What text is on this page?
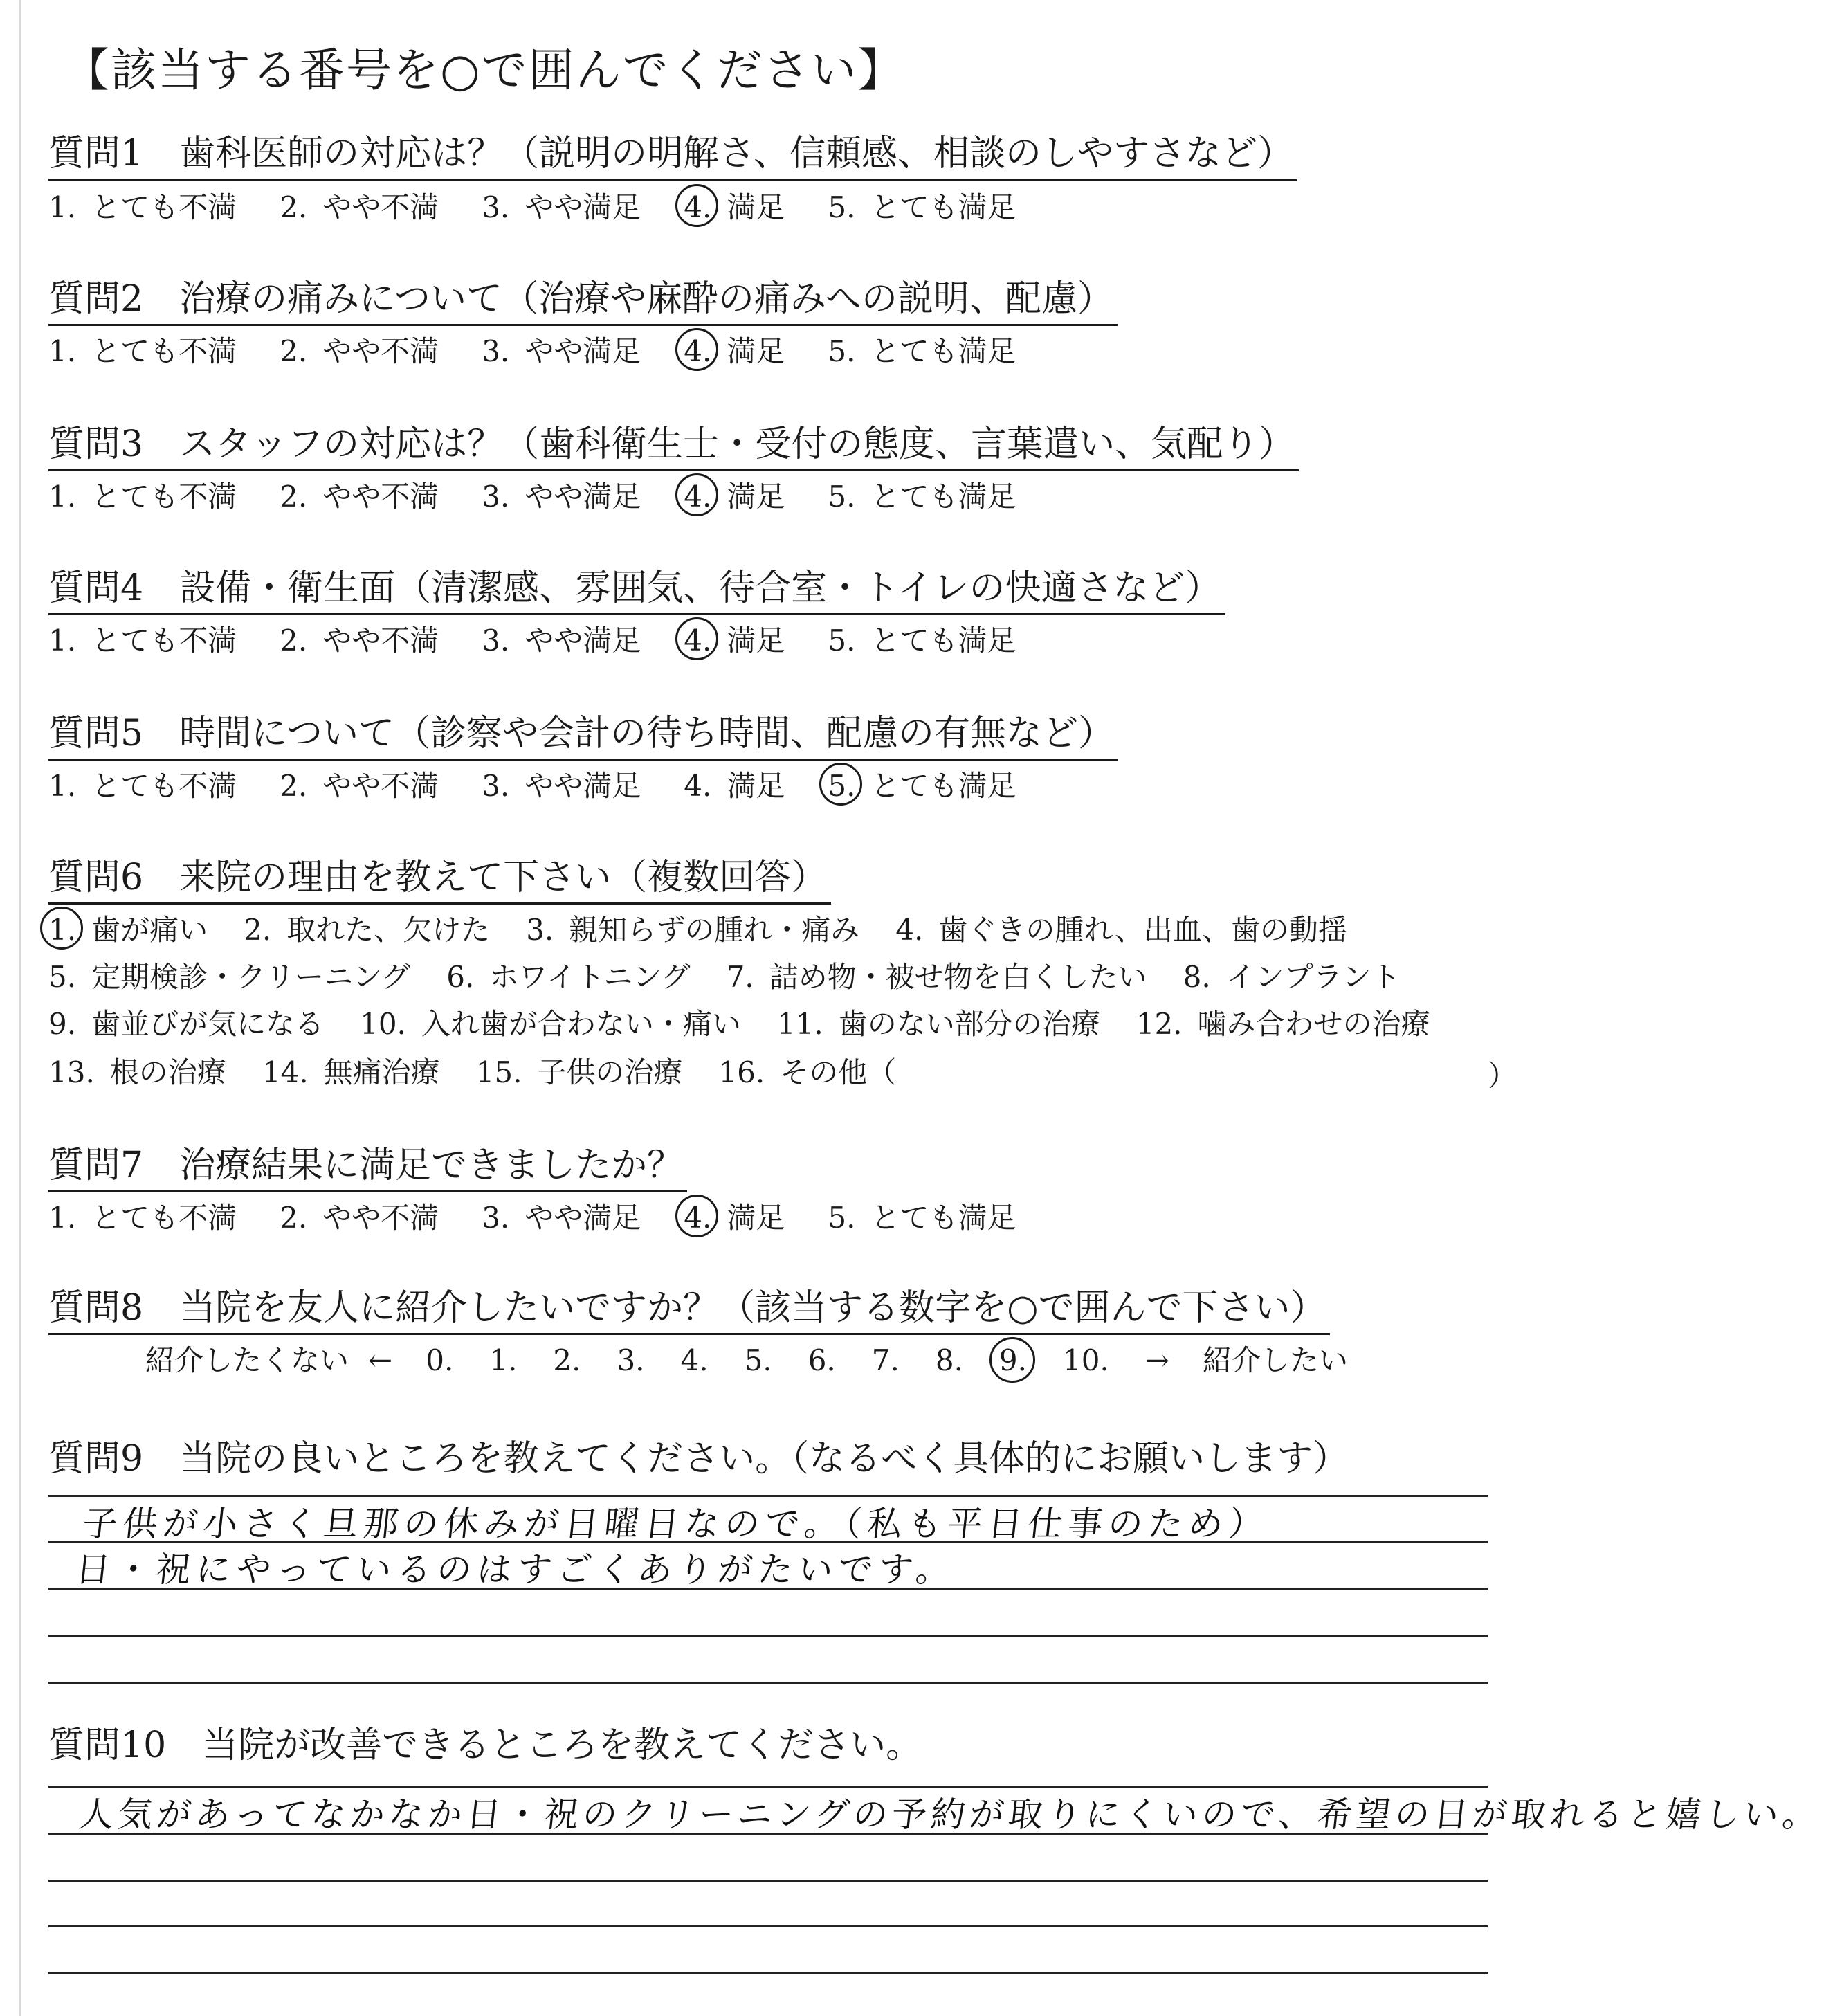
【該当する番号を○で囲んでください】
質問1　歯科医師の対応は？（説明の明解さ、信頼感、相談のしやすさなど）
1. とても不満 2. やや不満 3. やや満足 4. 満足 5. とても満足
質問2　治療の痛みについて（治療や麻酔の痛みへの説明、配慮）
1. とても不満 2. やや不満 3. やや満足 4. 満足 5. とても満足
質問3　スタッフの対応は？（歯科衛生士・受付の態度、言葉遣い、気配り）
1. とても不満 2. やや不満 3. やや満足 4. 満足 5. とても満足
質問4　設備・衛生面（清潔感、雰囲気、待合室・トイレの快適さなど）
1. とても不満 2. やや不満 3. やや満足 4. 満足 5. とても満足
質問5　時間について（診察や会計の待ち時間、配慮の有無など）
1. とても不満 2. やや不満 3. やや満足 4. 満足 5. とても満足
質問6　来院の理由を教えて下さい（複数回答）
1. 歯が痛い 2. 取れた、欠けた 3. 親知らずの腫れ・痛み 4. 歯ぐきの腫れ、出血、歯の動揺
5. 定期検診・クリーニング 6. ホワイトニング 7. 詰め物・被せ物を白くしたい 8. インプラント
9. 歯並びが気になる 10. 入れ歯が合わない・痛い 11. 歯のない部分の治療 12. 噛み合わせの治療
13. 根の治療 14. 無痛治療 15. 子供の治療 16. その他（	）
質問7　治療結果に満足できましたか？
1. とても不満 2. やや不満 3. やや満足 4. 満足 5. とても満足
質問8　当院を友人に紹介したいですか？（該当する数字を○で囲んで下さい）
紹介したくない ← 0. 1. 2. 3. 4. 5. 6. 7. 8. 9. 10. → 紹介したい
質問9　当院の良いところを教えてください。（なるべく具体的にお願いします）
子供が小さく旦那の休みが日曜日なので。（私も平日仕事のため）
日・祝にやっているのはすごくありがたいです。
質問10　当院が改善できるところを教えてください。
人気があってなかなか日・祝のクリーニングの予約が取りにくいので、希望の日が取れると嬉しい。
